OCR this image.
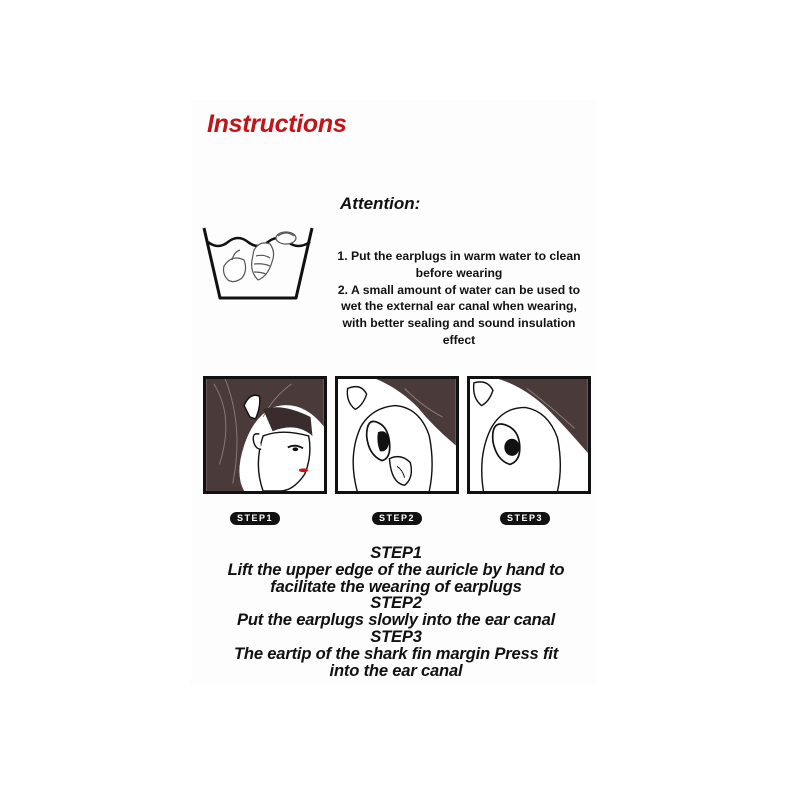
Instructions
Attention:
1. Put the earplugs in warm water to clean
before wearing
2. A small amount of water can be used to
wet the external ear canal when wearing,
with better sealing and sound insulation
effect
STEP1	STEP2	STEP3
STEP1
Lift the upper edge of the auricle by hand to
facilitate the wearing of earplugs
STEP2
Put the earplugs slowly into the ear canal
STEP3
The eartip of the shark fin margin Press fit
into the ear canal
